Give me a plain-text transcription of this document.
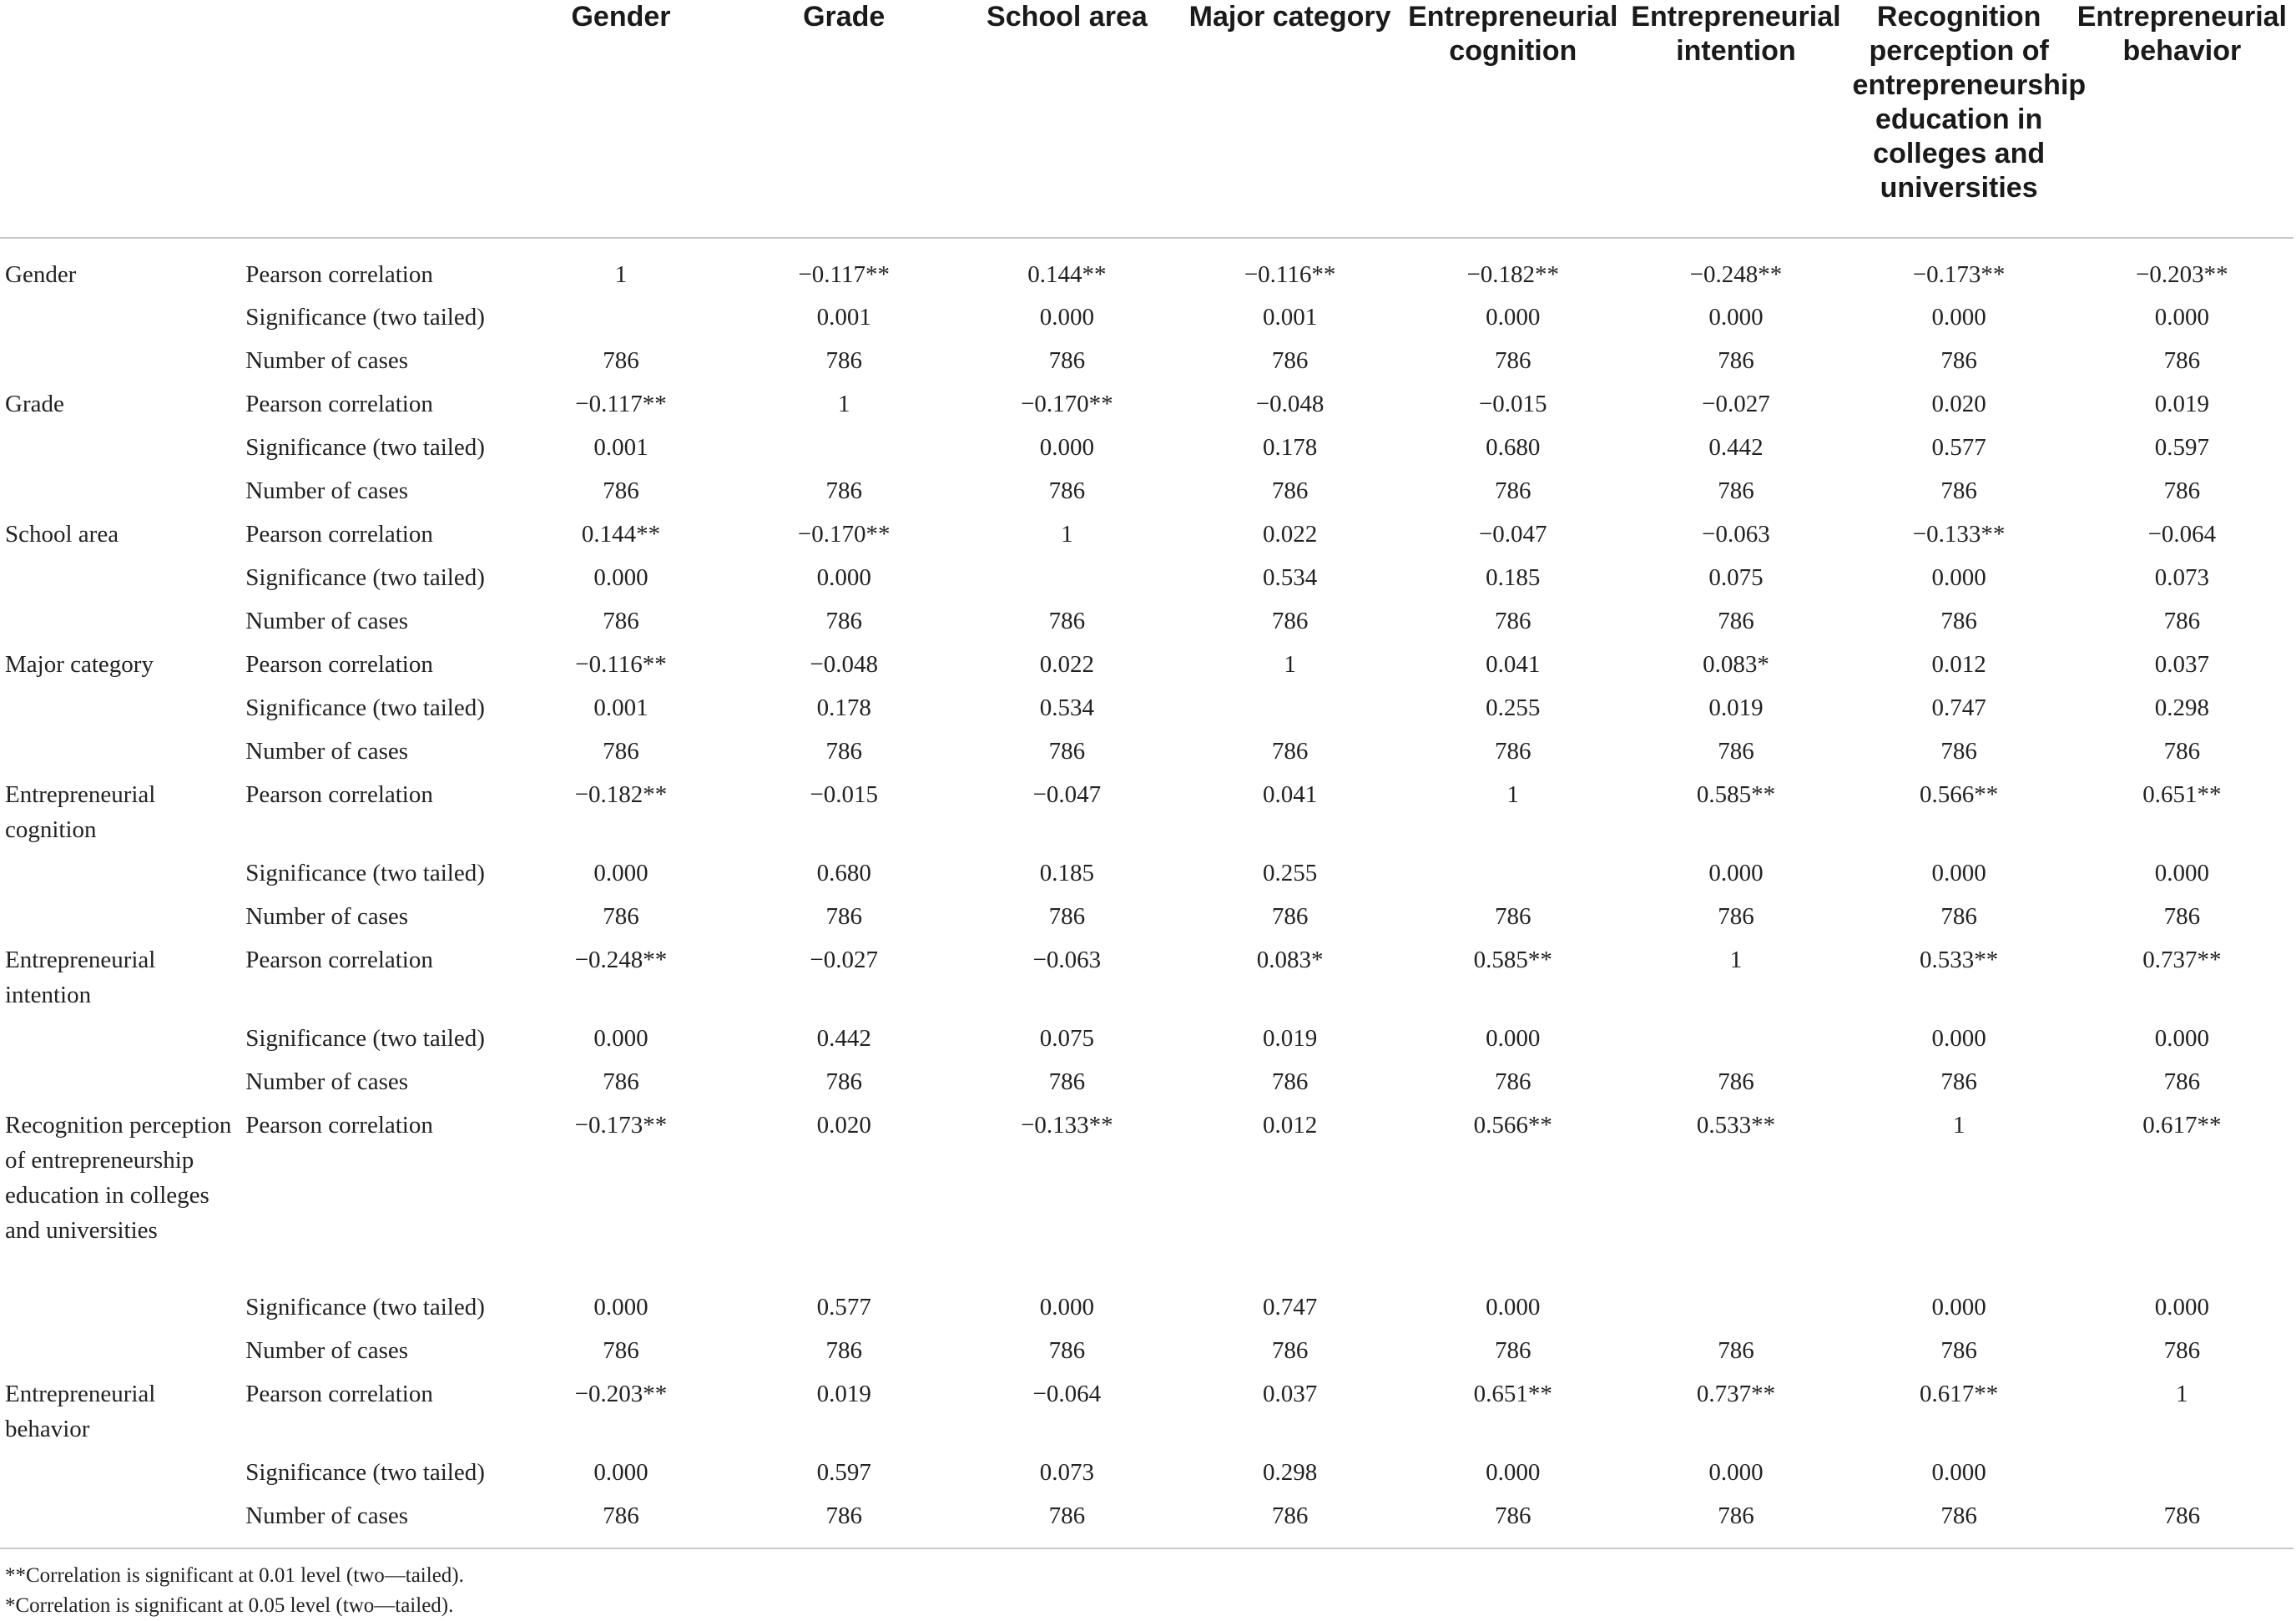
		Gender	Grade	School area	Major category	Entrepreneurial cognition	Entrepreneurial intention	Recognition perception of entrepreneurship education in colleges and universities	Entrepreneurial behavior
Gender	Pearson correlation	1	−0.117**	0.144**	−0.116**	−0.182**	−0.248**	−0.173**	−0.203**
	Significance (two tailed)		0.001	0.000	0.001	0.000	0.000	0.000	0.000
	Number of cases	786	786	786	786	786	786	786	786
Grade	Pearson correlation	−0.117**	1	−0.170**	−0.048	−0.015	−0.027	0.020	0.019
	Significance (two tailed)	0.001		0.000	0.178	0.680	0.442	0.577	0.597
	Number of cases	786	786	786	786	786	786	786	786
School area	Pearson correlation	0.144**	−0.170**	1	0.022	−0.047	−0.063	−0.133**	−0.064
	Significance (two tailed)	0.000	0.000		0.534	0.185	0.075	0.000	0.073
	Number of cases	786	786	786	786	786	786	786	786
Major category	Pearson correlation	−0.116**	−0.048	0.022	1	0.041	0.083*	0.012	0.037
	Significance (two tailed)	0.001	0.178	0.534		0.255	0.019	0.747	0.298
	Number of cases	786	786	786	786	786	786	786	786
Entrepreneurial cognition	Pearson correlation	−0.182**	−0.015	−0.047	0.041	1	0.585**	0.566**	0.651**
	Significance (two tailed)	0.000	0.680	0.185	0.255		0.000	0.000	0.000
	Number of cases	786	786	786	786	786	786	786	786
Entrepreneurial intention	Pearson correlation	−0.248**	−0.027	−0.063	0.083*	0.585**	1	0.533**	0.737**
	Significance (two tailed)	0.000	0.442	0.075	0.019	0.000		0.000	0.000
	Number of cases	786	786	786	786	786	786	786	786
Recognition perception of entrepreneurship education in colleges and universities	Pearson correlation	−0.173**	0.020	−0.133**	0.012	0.566**	0.533**	1	0.617**
	Significance (two tailed)	0.000	0.577	0.000	0.747	0.000		0.000	0.000
	Number of cases	786	786	786	786	786	786	786	786
Entrepreneurial behavior	Pearson correlation	−0.203**	0.019	−0.064	0.037	0.651**	0.737**	0.617**	1
	Significance (two tailed)	0.000	0.597	0.073	0.298	0.000	0.000	0.000	
	Number of cases	786	786	786	786	786	786	786	786

**Correlation is significant at 0.01 level (two—tailed).
*Correlation is significant at 0.05 level (two—tailed).									
